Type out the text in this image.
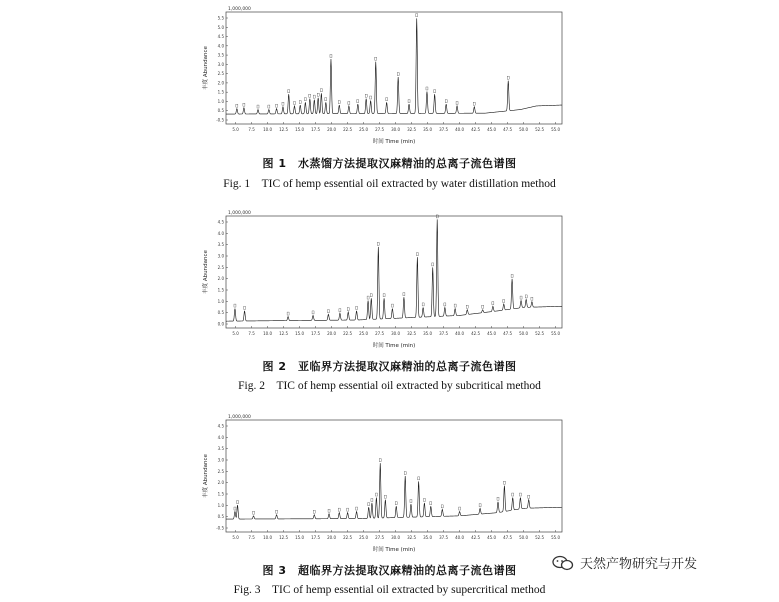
1,000,000
-0.5
0.5
1.0
1.5
2.0
2.5
3.0
3.5
4.0
4.5
5.0
5.5
5.0 7.5 10.0 12.5 15.0 17.5 20.0 22.5 25.0 27.5 30.0 32.5 35.0 37.5 40.0 42.5 45.0 47.5 50.0 52.5 55.0
时间 Time (min)
丰度 Abundance
图 1　水蒸馏方法提取汉麻精油的总离子流色谱图
Fig. 1　TIC of hemp essential oil extracted by water distillation method
1,000,000
0.0
0.5
1.0
1.5
2.0
2.5
3.0
3.5
4.0
4.5
5.0 7.5 10.0 12.5 15.0 17.5 20.0 22.5 25.0 27.5 30.0 32.5 35.0 37.5 40.0 42.5 45.0 47.5 50.0 52.5 55.0
时间 Time (min)
丰度 Abundance
图 2　亚临界方法提取汉麻精油的总离子流色谱图
Fig. 2　TIC of hemp essential oil extracted by subcritical method
1,000,000
-0.5
0.5
1.0
1.5
2.0
2.5
3.0
3.5
4.0
4.5
5.0 7.5 10.0 12.5 15.0 17.5 20.0 22.5 25.0 27.5 30.0 32.5 35.0 37.5 40.0 42.5 45.0 47.5 50.0 52.5 55.0
时间 Time (min)
丰度 Abundance
图 3　超临界方法提取汉麻精油的总离子流色谱图
Fig. 3　TIC of hemp essential oil extracted by supercritical method
天然产物研究与开发
